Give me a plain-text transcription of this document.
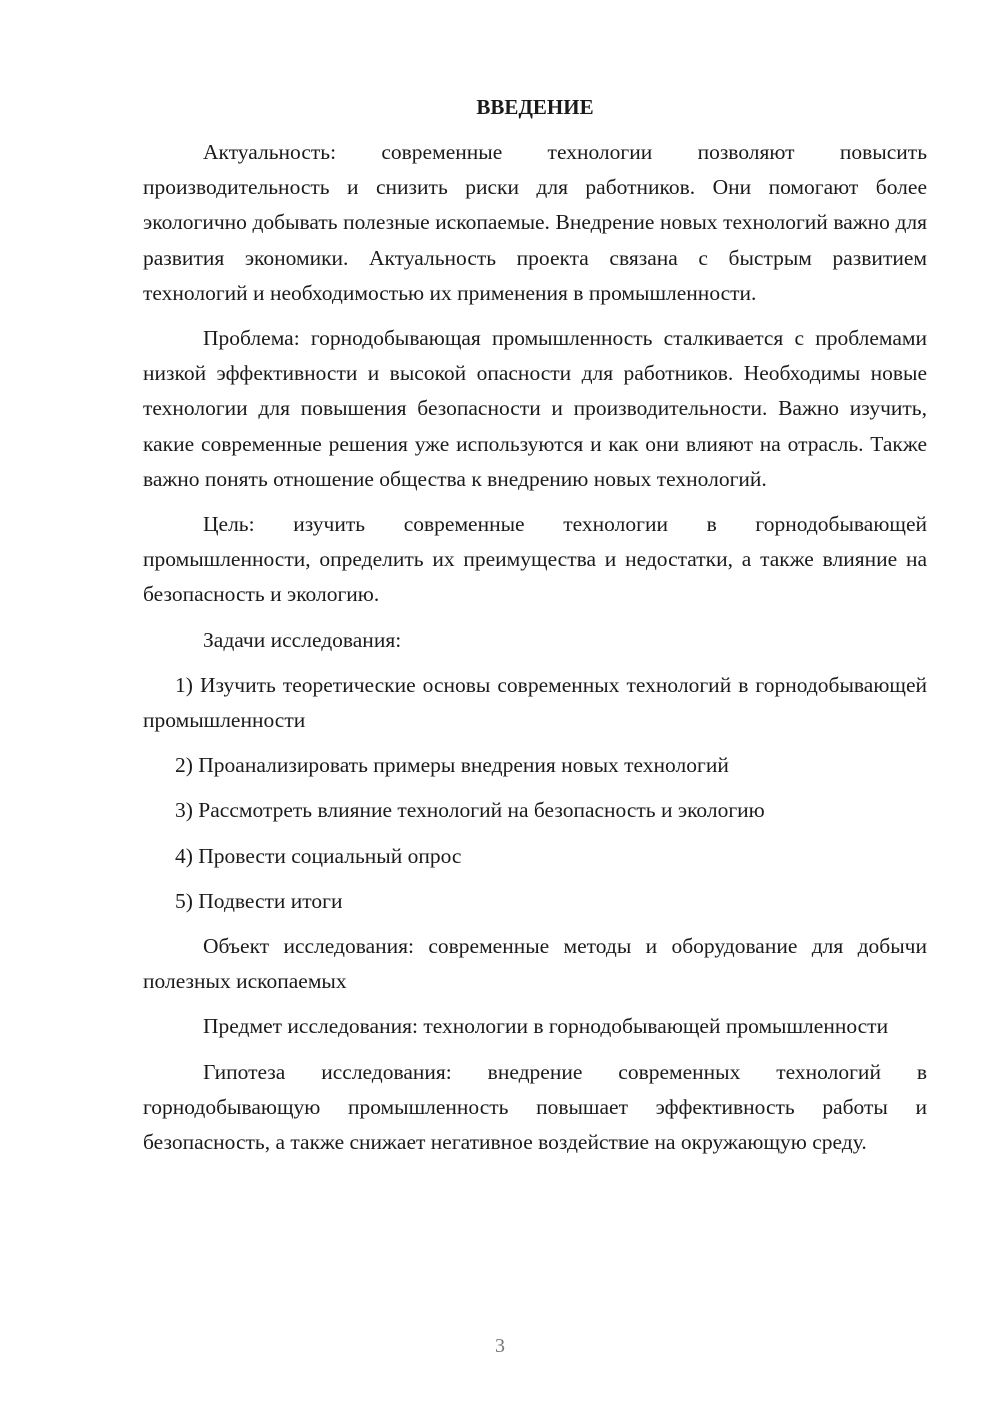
ВВЕДЕНИЕ

Актуальность: современные технологии позволяют повысить производительность и снизить риски для работников. Они помогают более экологично добывать полезные ископаемые. Внедрение новых технологий важно для развития экономики. Актуальность проекта связана с быстрым развитием технологий и необходимостью их применения в промышленности.

Проблема: горнодобывающая промышленность сталкивается с проблемами низкой эффективности и высокой опасности для работников. Необходимы новые технологии для повышения безопасности и производительности. Важно изучить, какие современные решения уже используются и как они влияют на отрасль. Также важно понять отношение общества к внедрению новых технологий.

Цель: изучить современные технологии в горнодобывающей промышленности, определить их преимущества и недостатки, а также влияние на безопасность и экологию.

Задачи исследования:

1) Изучить теоретические основы современных технологий в горнодобывающей промышленности

2) Проанализировать примеры внедрения новых технологий

3) Рассмотреть влияние технологий на безопасность и экологию

4) Провести социальный опрос

5) Подвести итоги

Объект исследования: современные методы и оборудование для добычи полезных ископаемых

Предмет исследования: технологии в горнодобывающей промышленности

Гипотеза исследования: внедрение современных технологий в горнодобывающую промышленность повышает эффективность работы и безопасность, а также снижает негативное воздействие на окружающую среду.

3
